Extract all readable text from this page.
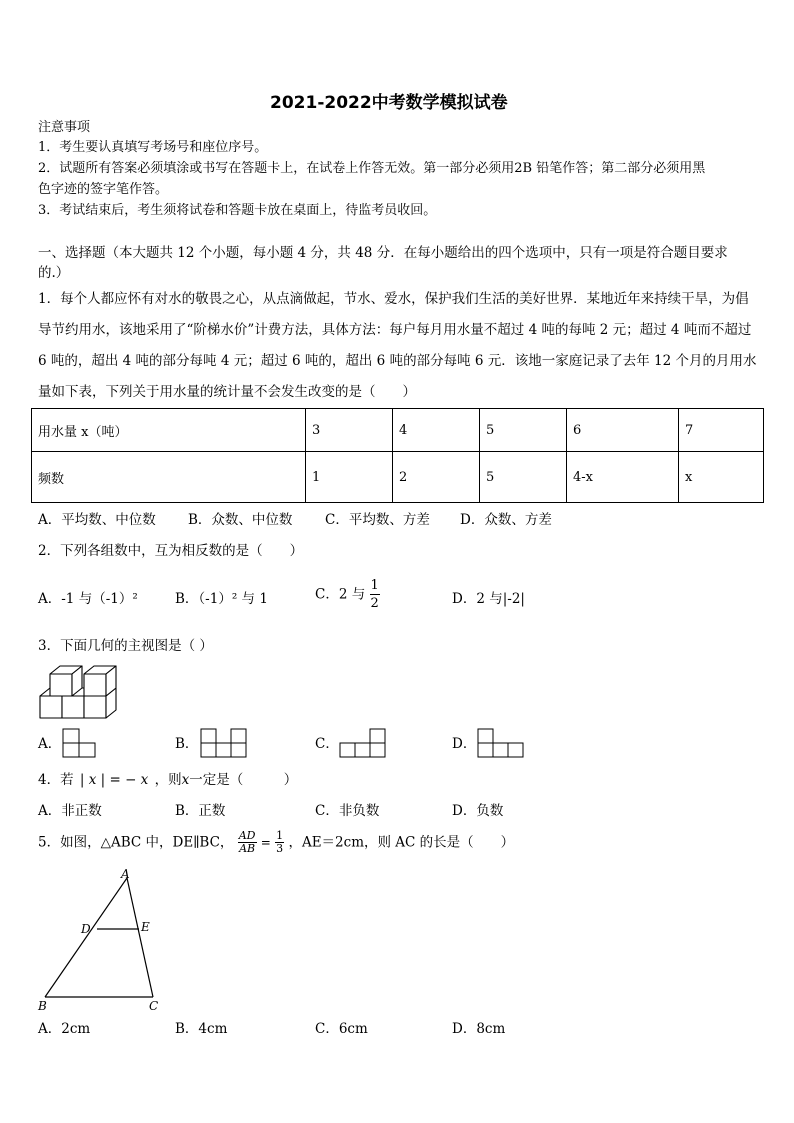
2021-2022中考数学模拟试卷
注意事项
1．考生要认真填写考场号和座位序号。
2．试题所有答案必须填涂或书写在答题卡上，在试卷上作答无效。第一部分必须用2B 铅笔作答；第二部分必须用黑
色字迹的签字笔作答。
3．考试结束后，考生须将试卷和答题卡放在桌面上，待监考员收回。
一、选择题（本大题共 12 个小题，每小题 4 分，共 48 分．在每小题给出的四个选项中，只有一项是符合题目要求
的.）
1．每个人都应怀有对水的敬畏之心，从点滴做起，节水、爱水，保护我们生活的美好世界．某地近年来持续干旱，为倡导节约用水，该地采用了“阶梯水价”计费方法，具体方法：每户每月用水量不超过 4 吨的每吨 2 元；超过 4 吨而不超过 6 吨的，超出 4 吨的部分每吨 4 元；超过 6 吨的，超出 6 吨的部分每吨 6 元．该地一家庭记录了去年 12 个月的月用水量如下表，下列关于用水量的统计量不会发生改变的是（　　）
用水量 x（吨）	3	4	5	6	7
频数	1	2	5	4-x	x
A．平均数、中位数 B．众数、中位数 C．平均数、方差 D．众数、方差
2．下列各组数中，互为相反数的是（　　）
A．-1 与（-1）²	B．（-1）² 与 1	C．2 与 $\frac{1}{2}$	D．2 与|-2|
3．下面几何的主视图是（ ）
A．	B．	C．	D．
4．若 | x | = − x ，则x一定是（　　　）
A．非正数	B．正数	C．非负数	D．负数
5．如图，△ABC 中，DE∥BC， $\frac{AD}{AB} = \frac{1}{3}$ ，AE＝2cm，则 AC 的长是（　　）
A
D	E
B	C
A．2cm	B．4cm	C．6cm	D．8cm
